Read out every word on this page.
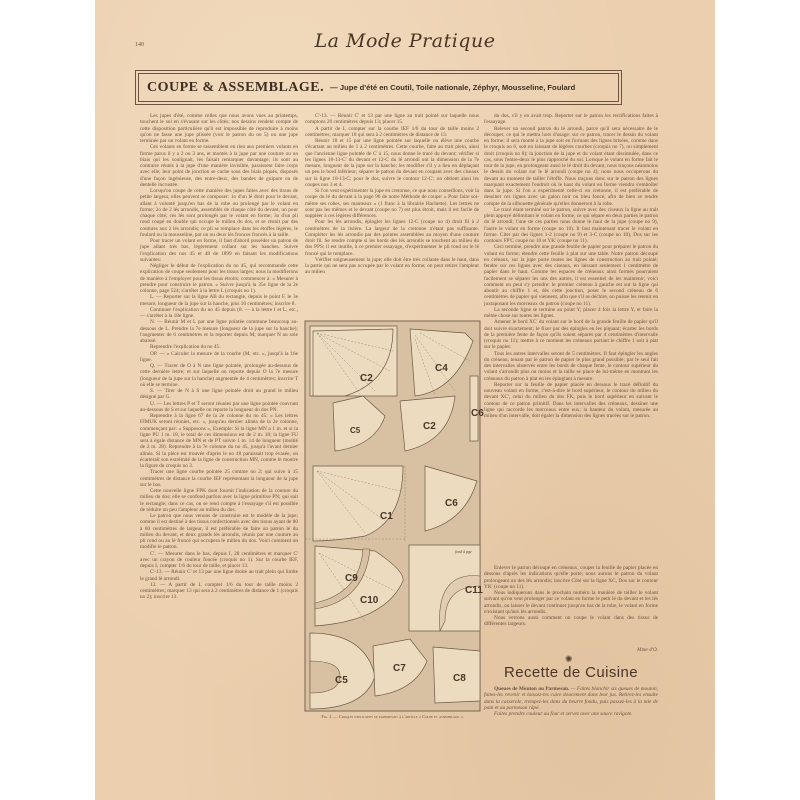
140	La Mode Pratique
COUPE & ASSEMBLAGE. — Jupe d'été en Coutil, Toile nationale, Zéphyr, Mousseline, Foulard

Les jupes d'été, comme celles que nous avons vues au printemps, touchent le sol en s'évasant sur les côtés; nos dessins rendent compte de cette disposition particulière qu'il est impossible de reproduire à moins qu'on ne fasse une jupe plissée (voir le patron du no 5) ou une jupe terminée par un volant en forme.

Ces volants en forme se rassemblent en rien aux premiers volants en forme parus il y a 2 ou 3 ans, et montés à la jupe par une couture ou un biais qui les soulignait, les faisait remarquer davantage; ils sont au contraire réunis à la jupe d'une manière invisible, paraissent faire corps avec elle; leur point de jonction se cache sous des biais piqués, disposés d'une façon ingénieuse, des entre-deux, des bandes de guipure ou de dentelle incrustée.

Lorsqu'on coupe de cette manière des jupes faites avec des tissus de petite largeur, elles peuvent se composer: 1o d'un lé droit pour le devant, allant à volonté jusqu'en bas de la robe ou prolongé par le volant en forme; 2o de 2 lés arrondis, assemblés de chaque côté du devant, un pour chaque côté; ces lés sont prolongés par le volant en forme; 3o d'un pli rond coupé en double qui occupe le milieu du dos, et se réunit par des coutures aux 2 lés arrondis; ce pli se remplace dans les étoffes légères, le foulard ou la mousseline, par un ou deux lés fronces froncés à la taille.

Pour tracer un volant en forme, il faut d'abord posséder un patron de jupe allant très bas, légèrement collant sur les hanches. Suivre l'explication des nos 45 et 48 de 1899 en faisant les modifications suivantes:

Négliger le début de l'explication du no 45, qui recommande cette explication de coupe seulement pour les tissus larges; nous la modifierons de manière à l'employer pour les tissus étroits; commencer à: « Mesurer à prendre pour construire le patron. » Suivre jusqu'à la 35e ligne de la 2e colonne, page 524; s'arrêter à la lettre L (croquis no 1).

L. — Reporter sur la ligne AB du rectangle, depuis le point F, le 3e mesure, longueur de la jupe sur la hanche, plus 10 centimètres; inscrire 8.

Continuer l'explication du no 45 depuis (8. — à la lettre I et L, etc., — s'arrêter à la 18e ligne.

N. — Réunir M et L par une ligne pointée commune beaucoup au-dessous de L. Prendre la 7e mesure (longueur de la jupe sur la hanche); l'augmenter de 6 centimètres et la reporter depuis M; marquer N au sole abaissé.

Reprendre l'explication du no 45.

OP. — « Calculer la mesure de la courbe (M, etc. », jusqu'à la 16e ligne.

Q. — Tracer de O à N une ligne pointée, prolongée au-dessous de cette dernière lettre; et sur laquelle on reporte depuis O la 7e mesure (longueur de la jupe sur la hanche) augmentée de 4 centimètres; inscrire T où elle se termine.

S. — Tirer de N à S une ligne pointée droit au grand le milieu désigné par G.

U. — Les lettres P et T seront réunies par une ligne pointée couvrant au-dessous de S et sur laquelle on reporte la longueur du dos PN.

Reprendre à la ligne 67 de la 2e colonne du no 45: « Les lettres FIMUK seront réunies, etc. », jusqu'au dernier alinéa de la 2e colonne, commençant par: « Supposons », Exemple: Si la ligne MN a 1 m. et si la ligne PU 1 m. 18, le total de ces dimensions est de 2 m. 18; la ligne FU sera à égale distance de MN et de PT suivre 1 m. 14 de longueur (moitié de 2 m. 28). Reprendre à la 7e colonne du no 45, jusqu'à l'avant dernier alinéa. Si la pièce est trouvée d'après le no 48 paraissait trop évasée, on écarterait son extrémité de la ligne de construction MN, comme le montre la figure du croquis no 3.

Tracer une ligne courbe pointée 25 comme no 2; qui suive à 15 centimètres de distance la courbe IEF représentant la longueur de la jupe sur le bas.

Cette nouvelle ligne FPK dont fournit l'indication de la couture du milieu du dos; elle se confond parfois avec la ligne primitive PN; qui suit le rectangle; dans ce cas, on se rend compte à l'essayage s'il est possible de réduire un peu l'ampleur au milieu du dos.

Le patron que nous venons de construire est le modèle de la jupe; comme il est destiné à des tissus confectionnés avec des tissus ayant de 80 à 60 centimètres de largeur, il est préférable de faire un patron lé du milieu du devant, et deux grands lés arrondis, réunis par une couture au pli rond ou au lé froncé qui occupera le milieu du dos. Voici comment on modifie le patron.

C'. — Mesurer dans le bas, depuis I, 28 centimètres et marquer C' avec un crayon de couleur foncée (croquis no 1). Sur la courbe IEF, depuis I, compter 1/6 du tour de taille, et placer 13.

C'-13. — Réunir C' et 13 par une ligne droite au trait plein qui limite le grand lé arrondi.

13. — A partir de I, compter 1/6 du tour de taille moins 2 centimètres; marquer 13 qui sera à 2 centimètres de distance de 1 (croquis no 2); inscrire 13.

C'-13. — Réunir C' et 13 par une ligne au trait pointé sur laquelle nous comptons 20 centimètres depuis 13; placer 15.

A partir de I, compter sur la courbe IEF 1/6 du tour de taille moins 2 centimètres; marquer 18 qui sera à 2 centimètres de distance de 13.

Réunir 18 et 15 par une ligne pointée sur laquelle on élève une courbe s'écartant au milieu de 1 à 2 centimètres. Cette courbe, faite au trait plein, ainsi que l'ancienne ligne pointée de C' à 15, nous donne le tracé du devant; vérifier si les lignes 18-13-C' du devant et 12-C du lé arrondi ont la dimension de la 7e mesure, longueur de la jupe sur la hanche; les modifier s'il y a lieu en déplaçant un peu le bord inférieur; séparer le patron du devant en coupant avec des ciseaux sur la ligne 18-13-C; pour le dos, suivre le contour 12-C'; on obtient ainsi les coupes nos 3 et 4.

Si l'on veut expérimenter la jupe en cretonne, ce que nous conseillons, voir la coupe du lé du devant à la page 96 de notre Méthode de coupe: « Pour faire soi-même ses robes, ses manteaux » (1 franc à la librairie Hachette). Les lettres ne sont pas les mêmes et le devant (coupe no 7) est plus étroit, mais il est facile de suppléer à ces légères différences.

Pour les lés arrondis, épingler les lignes 12-C (coupe no 4) droit fil à 2 centimètres de la lisière. La largeur de la cretonne n'étant pas suffisante. Compléter les lés arrondis par des pointes assemblées au moyen d'une couture droit fil. Se rendre compte si les bords des lés arrondis se touchent au milieu du dos PPS; il est inutile, à ce premier essayage, d'expérimenter le pli rond ou le lé froncé qui le remplace.

Vérifier soigneusement la jupe; elle doit être très collante dans le haut, dans la partie qui ne sera pas occupée par le volant en forme; on peut retirer l'ampleur au milieu

du dos, s'il y en avait trop. Reporter sur le patron les rectifications faites à l'essayage.

Relever un second patron du lé arrondi, parce qu'il sera nécessaire de le découper, ce qui le mettra hors d'usage: sur ce patron, tracer le dessin du volant en forme; il sera monté à la jupe soit en formant des lignes brisées, comme dans le croquis no 6, soit en laissant de légères courbes (croquis no 7), ou simplement droit (croquis no 8); la jonction de la jupe et du volant étant dissimulée, dans ce cas, sous l'entre-deux le plus rapproché du sol. Lorsque le volant en forme fait le tour de la jupe, en prolongeant aussi le lé droit du devant, nous traçons néanmoins le dessin du volant sur le lé arrondi (coupe no 4); nous nous occuperons du devant au moment de tailler l'étoffe. Nous traçons donc sur le patron des lignes marquant exactement l'endroit où le haut du volant en forme viendra s'emboîter dans la jupe. Si l'on a expérimenté celle-ci en cretonne, il est préférable de dessiner ces lignes avec un galon noir ou bleu foncé, afin de bien se rendre compte de la silhouette générale qu'elles donneront à la robe.

Le tracé étant terminé sur le patron, suivre avec des ciseaux la ligne au trait plein appuyé délimitant le volant en forme, ce qui sépare en deux parties le patron du lé arrondi; l'une de ces parties nous donne le haut de la jupe (coupe no 9), l'autre le volant en forme (coupe no 10). Il faut maintenant tracer le volant en forme. Citer par des lignes 1-2 (coupe no 9) et 3-C (coupe no 10), Dos sur les contours FP'C coupé no 10 et YK' (coupe no 11).

Ceci terminé, prendre une grande feuille de papier pour préparer le patron du volant en forme; étendre cette feuille à plat sur une table. Notre patron découpé en crénaux, sur la jupe porte toutes les lignes de construction au trait pointé; fendre sur ces lignes avec des ciseaux, en laissant seulement 1 centimètre de papier dans le haut. Comme les espaces de créneaux ainsi formés pourraient facilement se séparer les uns des autres, il est essentiel de les maintenir; voici comment on peut s'y prendre: le premier créneau à gauche est sur la ligne qui aboutit au chiffre 1 et, dès cette jonction, poser le second créneau de 6 centimètres de papier qui viennent, afin que s'il se déchire, on puisse les retenir en juxtaposant les morceaux du patron (coupe no 11).

La seconde ligne se termine au point Y; placer 4 fois la lettre Y, et faire la même chose sur toutes les lignes.

Amener le bord XC' du volant sur le bord de la grande feuille de papier qu'il doit suivre exactement; le fixer par des épingles en les piquant; écarter les bords de la première fente de façon qu'ils soient séparés par 4 centimètres d'intervalle (croquis no 11); mettre à ce moment les créneaux portant le chiffre 1 soit à plat sur le papier.

Tous les autres intervalles seront de 5 centimètres. Il faut épingler les angles du créneau; tenant par le patron de papier le plus grand possible; par le seul fait des intervalles observés entre les bords de chaque fente, le contour supérieur du volant s'arrondit plus ou moins et la taille se place de lui-même en montrant les créneaux du patron à plat en les épinglant à mesure.

Reporter sur la feuille de papier placée en dessous le tracé définitif du nouveau volant en forme, c'est-à-dire le bord supérieur, le contour du milieu du devant XC', celui du milieu du dos FK, puis le bord supérieur en suivant le contour de ce patron primitif. Dans les intervalles des créneaux, dessiner une ligne qui raccorde les morceaux entre eux; la hauteur du volant, mesurée au milieu d'un intervalle, doit égaler la dimension des lignes tracées sur le patron.

C2
C4
C6
C5	C2
C1
C6
C9
C10
C11
C5
C7
C8
fond à pge
Fig. I. — Croquis explicatifs se rapportant à l'article « Coupe et assemblage. »
Mme d'O.
✺
Recette de Cuisine

Queues de Mouton au Parmesan. — Faites blanchir six queues de mouton, faites-les revenir et laissez-les cuire doucement dans leur jus. Retirez-les ensuite dans la casserole, trempez-les dans du beurre fondu, puis passez-les à la mie de pain et au parmesan râpé.

Faites prendre couleur au four et servez avec une sauce ravigote.

Enlever le patron découpé en créneaux, couper la feuille de papier placée en dessous d'après les indications qu'elle porte; nous aurons le patron du volant prolongeant un des lés arrondis; inscrire Côté sur la ligne XC, Dos sur le contour YK' (coupe no 11).

Nous indiquerons dans le prochain numéro la manière de tailler le volant suivant qu'on veut prolonger par ce volant en forme le petit lé du devant et les lés arrondis, ou laisser le devant continuer jusqu'en bas de la robe, le volant en forme n'existant qu'aux lés arrondis.

Nous verrons aussi comment on coupe le volant dans des tissus de différentes largeurs.
